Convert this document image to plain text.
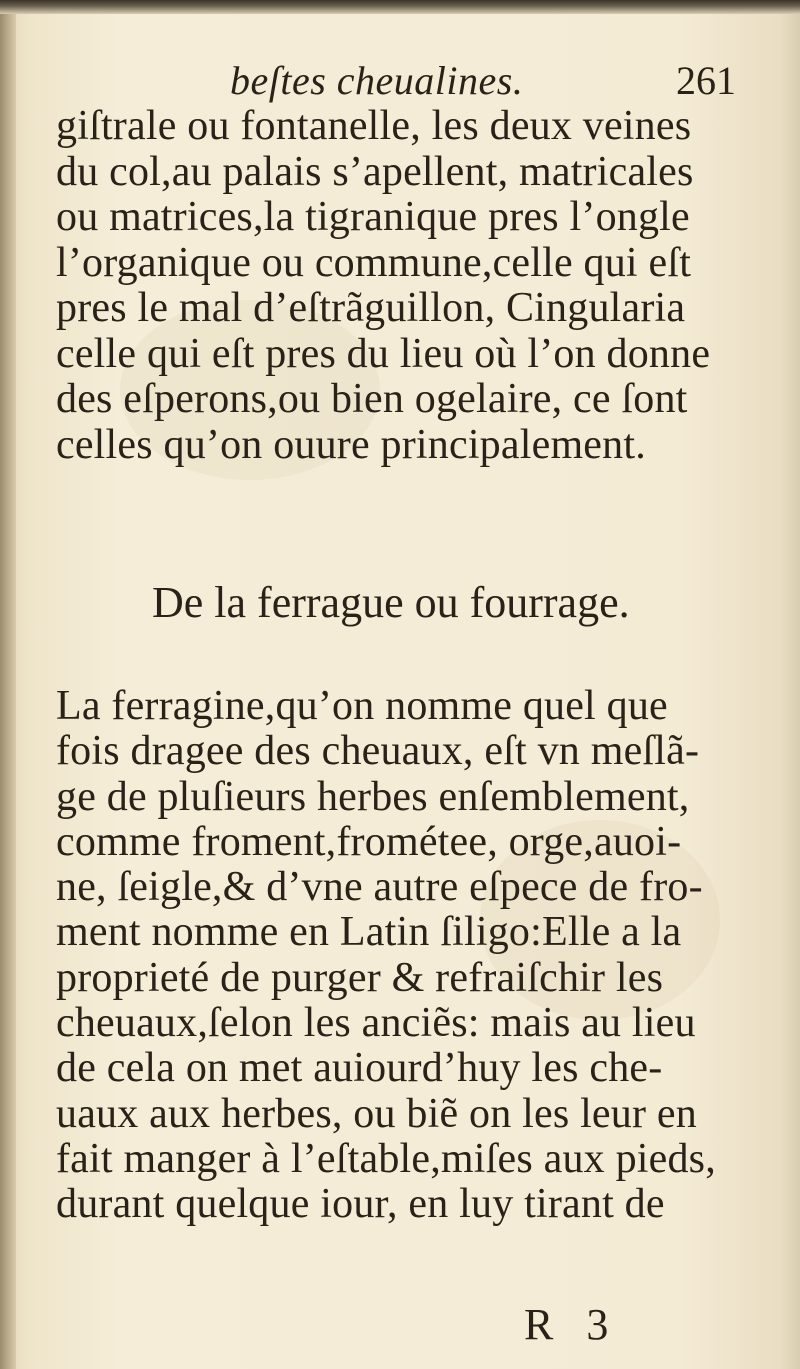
beſtes cheualines.	261
giſtrale ou fontanelle, les deux veines
du col,au palais s’apellent, matricales
ou matrices,la tigranique pres l’ongle
l’organique ou commune,celle qui eſt
pres le mal d’eſtrãguillon, Cingularia
celle qui eſt pres du lieu où l’on donne
des eſperons,ou bien ogelaire, ce ſont
celles qu’on ouure principalement.
De la ferrague ou fourrage.
La ferragine,qu’on nomme quel que
fois dragee des cheuaux, eſt vn meſlã-
ge de pluſieurs herbes enſemblement,
comme froment,frométee, orge,auoi-
ne, ſeigle,& d’vne autre eſpece de fro-
ment nomme en Latin ſiligo:Elle a la
proprieté de purger & refraiſchir les
cheuaux,ſelon les anciẽs: mais au lieu
de cela on met auiourd’huy les che-
uaux aux herbes, ou biẽ on les leur en
fait manger à l’eſtable,miſes aux pieds,
durant quelque iour, en luy tirant de
R   3
